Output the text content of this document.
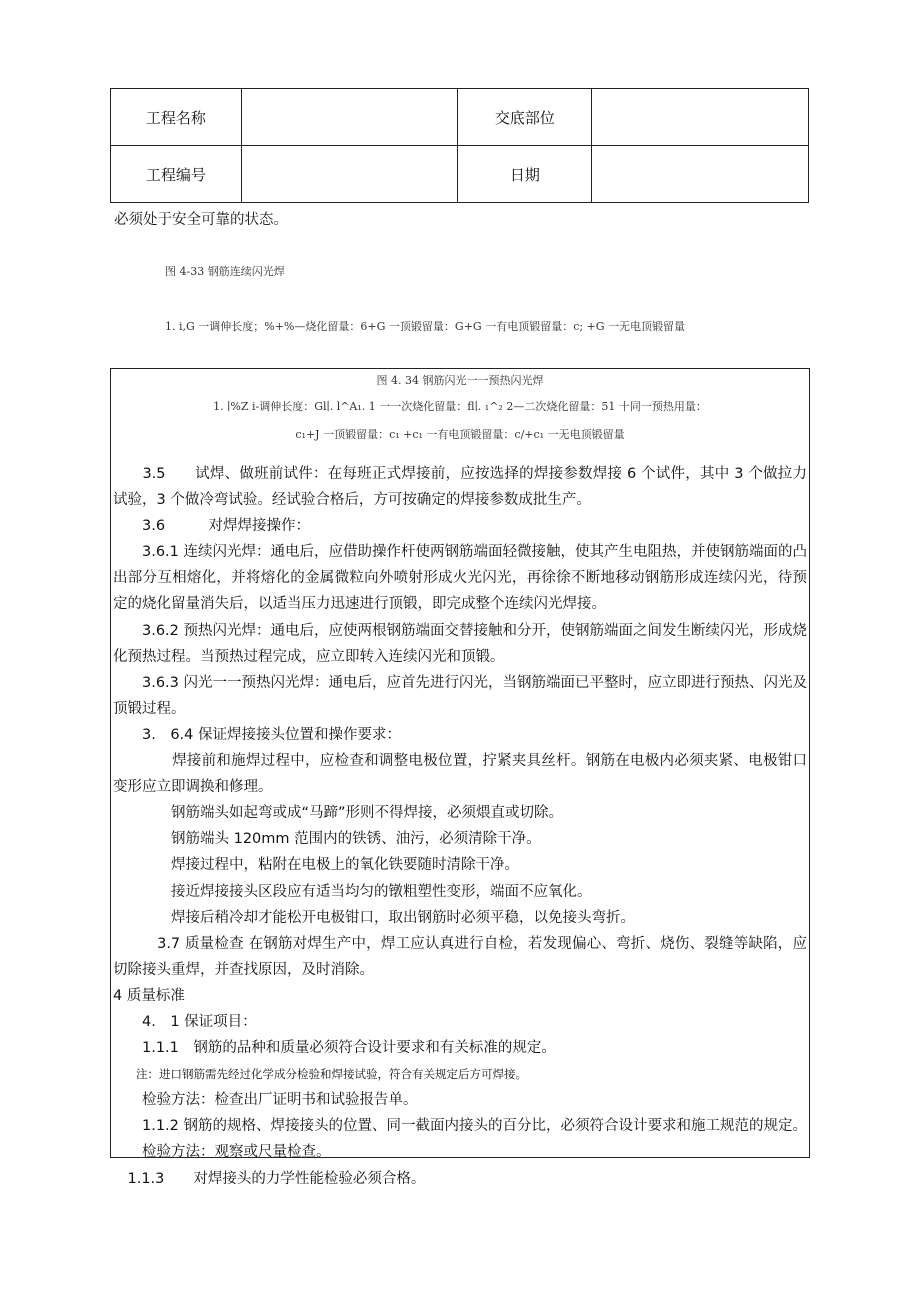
工程名称		交底部位	
工程编号		日期	
必须处于安全可靠的状态。
图 4-33 钢筋连续闪光焊
1. ⅰ,G 一调伸长度；%+%—烧化留量：6+G 一顶锻留量：G+G 一有电顶锻留量：c; +G 一无电顶锻留量
图 4. 34 钢筋闪光一一预热闪光焊
1. ∣%Z i-调伸长度：Gl∣. l^A₁. 1 一一次烧化留量：fl∣. ₁^₂ 2—二次烧化留量：51 十同一预热用量：
c₁+J 一顶锻留量：c₁ +c₁ 一有电顶锻留量：c/+c₁ 一无电顶锻留量

　　3.5　　试焊、做班前试件：在每班正式焊接前，应按选择的焊接参数焊接 6 个试件，其中 3 个做拉力试验，3 个做冷弯试验。经试验合格后，方可按确定的焊接参数成批生产。

　　3.6　　　对焊焊接操作：

　　3.6.1 连续闪光焊：通电后，应借助操作杆使两钢筋端面轻微接触，使其产生电阻热，并使钢筋端面的凸出部分互相熔化，并将熔化的金属微粒向外喷射形成火光闪光，再徐徐不断地移动钢筋形成连续闪光，待预定的烧化留量消失后，以适当压力迅速进行顶锻，即完成整个连续闪光焊接。

　　3.6.2 预热闪光焊：通电后，应使两根钢筋端面交替接触和分开，使钢筋端面之间发生断续闪光，形成烧化预热过程。当预热过程完成，应立即转入连续闪光和顶锻。

　　3.6.3 闪光一一预热闪光焊：通电后，应首先进行闪光，当钢筋端面已平整时，应立即进行预热、闪光及顶锻过程。

　　3.　6.4 保证焊接接头位置和操作要求：

　　　　焊接前和施焊过程中，应检查和调整电极位置，拧紧夹具丝杆。钢筋在电极内必须夹紧、电极钳口变形应立即调换和修理。

　　　　钢筋端头如起弯或成“马蹄”形则不得焊接，必须煨直或切除。

　　　　钢筋端头 120mm 范围内的铁锈、油污，必须清除干净。

　　　　焊接过程中，粘附在电极上的氧化铁要随时清除干净。

　　　　接近焊接接头区段应有适当均匀的镦粗塑性变形，端面不应氧化。

　　　　焊接后稍冷却才能松开电极钳口，取出钢筋时必须平稳，以免接头弯折。

　　　3.7 质量检查 在钢筋对焊生产中，焊工应认真进行自检，若发现偏心、弯折、烧伤、裂缝等缺陷，应切除接头重焊，并查找原因，及时消除。

4 质量标准

　　4.　1 保证项目：

　　1.1.1　钢筋的品种和质量必须符合设计要求和有关标准的规定。

　　注：进口钢筋需先经过化学成分检验和焊接试验，符合有关规定后方可焊接。

　　检验方法：检查出厂证明书和试验报告单。

　　1.1.2 钢筋的规格、焊接接头的位置、同一截面内接头的百分比，必须符合设计要求和施工规范的规定。

　　检验方法：观察或尺量检查。

　1.1.3　　对焊接头的力学性能检验必须合格。
